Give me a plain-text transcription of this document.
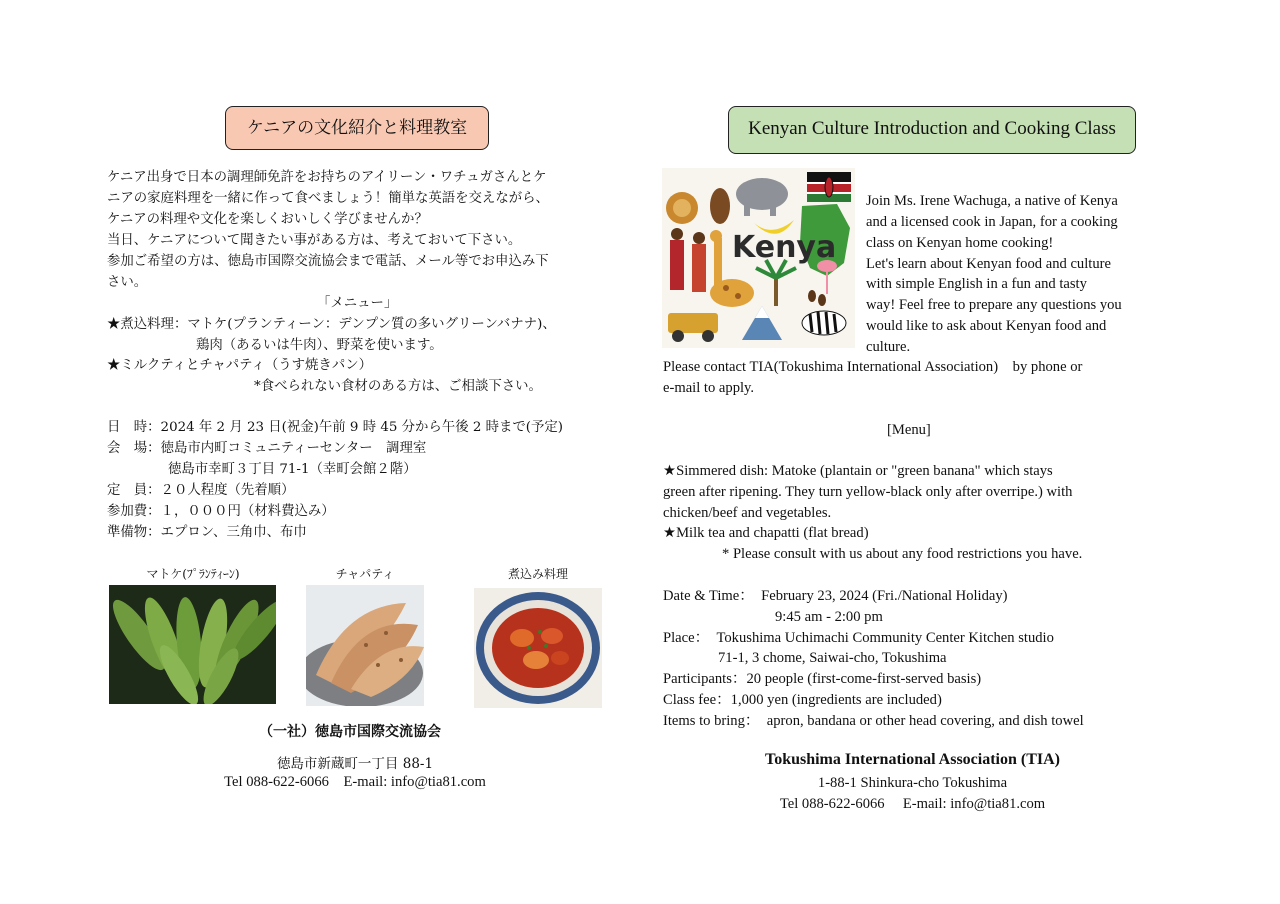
ケニアの文化紹介と料理教室
ケニア出身で日本の調理師免許をお持ちのアイリーン・ワチュガさんとケ
ニアの家庭料理を一緒に作って食べましょう！簡単な英語を交えながら、
ケニアの料理や文化を楽しくおいしく学びませんか？
当日、ケニアについて聞きたい事がある方は、考えておいて下さい。
参加ご希望の方は、徳島市国際交流協会まで電話、メール等でお申込み下
さい。
「メニュー」
★煮込料理：マトケ(プランティーン：デンプン質の多いグリーンバナナ)、
鶏肉（あるいは牛肉）、野菜を使います。
★ミルクティとチャパティ（うす焼きパン）
*食べられない食材のある方は、ご相談下さい。
日　時：2024 年 2 月 23 日(祝金)午前 9 時 45 分から午後 2 時まで(予定)
会　場：徳島市内町コミュニティーセンター　調理室
徳島市幸町３丁目 71-1（幸町会館２階）
定　員：２０人程度（先着順）
参加費：１，０００円（材料費込み）
準備物：エプロン、三角巾、布巾
マトケ(ﾌﾟﾗﾝﾃｨｰﾝ)	チャパティ	煮込み料理
（一社）徳島市国際交流協会
徳島市新蔵町一丁目 88-1
Tel 088-622-6066　E-mail: info@tia81.com
Kenyan Culture Introduction and Cooking Class
Kenya
Join Ms. Irene Wachuga, a native of Kenya
and a licensed cook in Japan, for a cooking
class on Kenyan home cooking!
Let's learn about Kenyan food and culture
with simple English in a fun and tasty
way! Feel free to prepare any questions you
would like to ask about Kenyan food and
culture.
Please contact TIA(Tokushima International Association)　by phone or
e-mail to apply.
[Menu]
★Simmered dish: Matoke (plantain or "green banana" which stays
green after ripening. They turn yellow-black only after overripe.) with
chicken/beef and vegetables.
★Milk tea and chapatti (flat bread)
* Please consult with us about any food restrictions you have.
Date & Time：　February 23, 2024 (Fri./National Holiday)
9:45 am - 2:00 pm
Place：　Tokushima Uchimachi Community Center Kitchen studio
71-1, 3 chome, Saiwai-cho, Tokushima
Participants：20 people (first-come-first-served basis)
Class fee：1,000 yen (ingredients are included)
Items to bring：　apron, bandana or other head covering, and dish towel
Tokushima International Association (TIA)
1-88-1 Shinkura-cho Tokushima
Tel 088-622-6066　 E-mail: info@tia81.com
